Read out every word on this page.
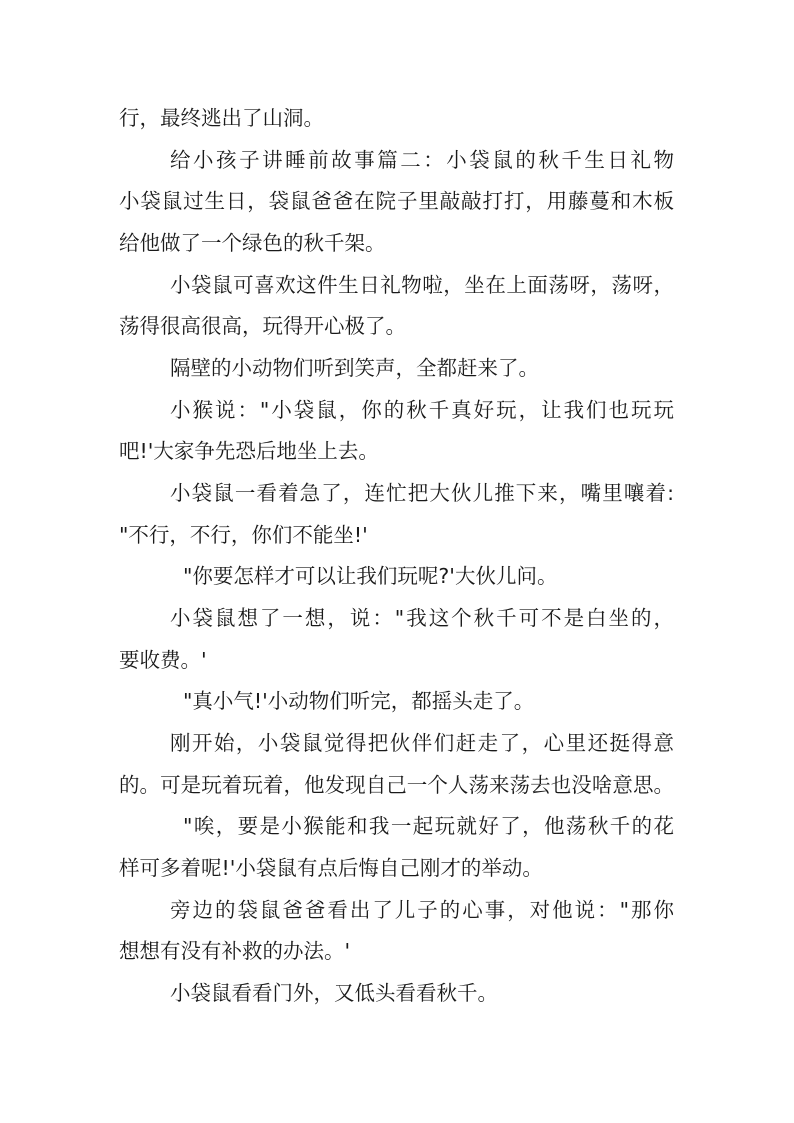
行，最终逃出了山洞。
给小孩子讲睡前故事篇二：小袋鼠的秋千生日礼物
小袋鼠过生日，袋鼠爸爸在院子里敲敲打打，用藤蔓和木板
给他做了一个绿色的秋千架。
小袋鼠可喜欢这件生日礼物啦，坐在上面荡呀，荡呀，
荡得很高很高，玩得开心极了。
隔壁的小动物们听到笑声，全都赶来了。
小猴说："小袋鼠，你的秋千真好玩，让我们也玩玩
吧!'大家争先恐后地坐上去。
小袋鼠一看着急了，连忙把大伙儿推下来，嘴里嚷着:
"不行，不行，你们不能坐!'
"你要怎样才可以让我们玩呢?'大伙儿问。
小袋鼠想了一想，说："我这个秋千可不是白坐的，
要收费。'
"真小气!'小动物们听完，都摇头走了。
刚开始，小袋鼠觉得把伙伴们赶走了，心里还挺得意
的。可是玩着玩着，他发现自己一个人荡来荡去也没啥意思。
"唉，要是小猴能和我一起玩就好了，他荡秋千的花
样可多着呢!'小袋鼠有点后悔自己刚才的举动。
旁边的袋鼠爸爸看出了儿子的心事，对他说："那你
想想有没有补救的办法。'
小袋鼠看看门外，又低头看看秋千。
